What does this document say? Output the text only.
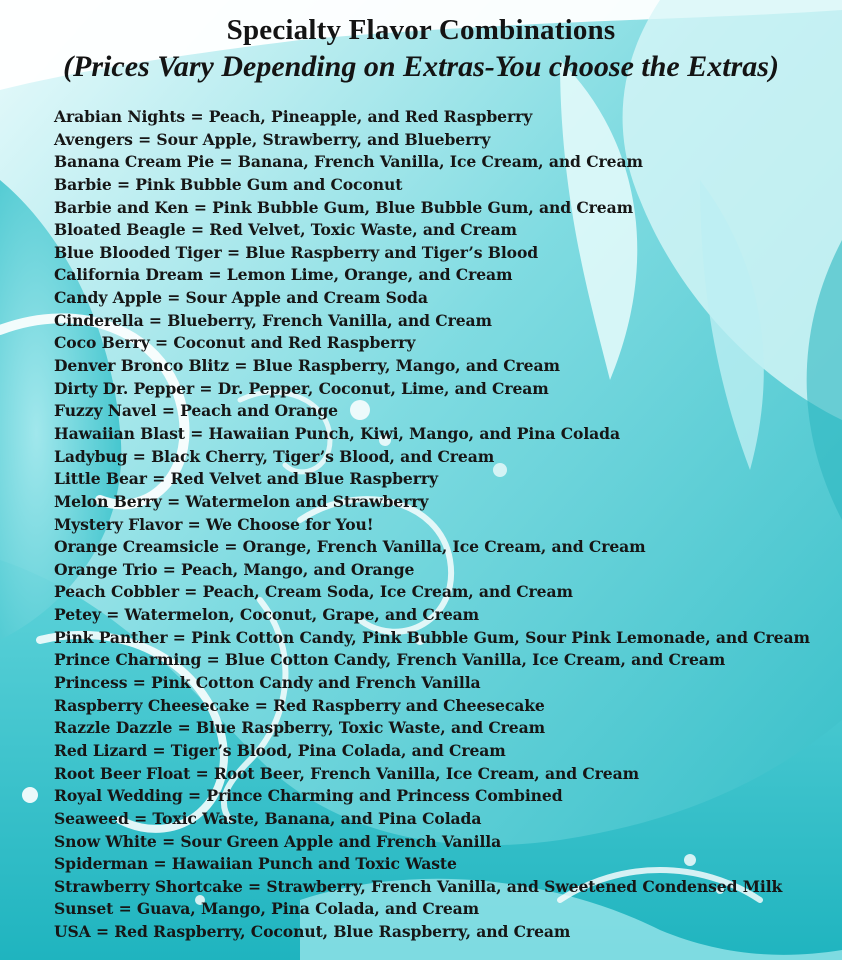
Specialty Flavor Combinations
(Prices Vary Depending on Extras-You choose the Extras)
Arabian Nights = Peach, Pineapple, and Red Raspberry
Avengers = Sour Apple, Strawberry, and Blueberry
Banana Cream Pie = Banana, French Vanilla, Ice Cream, and Cream
Barbie = Pink Bubble Gum and Coconut
Barbie and Ken = Pink Bubble Gum, Blue Bubble Gum, and Cream
Bloated Beagle = Red Velvet, Toxic Waste, and Cream
Blue Blooded Tiger = Blue Raspberry and Tiger’s Blood
California Dream = Lemon Lime, Orange, and Cream
Candy Apple = Sour Apple and Cream Soda
Cinderella = Blueberry, French Vanilla, and Cream
Coco Berry = Coconut and Red Raspberry
Denver Bronco Blitz = Blue Raspberry, Mango, and Cream
Dirty Dr. Pepper = Dr. Pepper, Coconut, Lime, and Cream
Fuzzy Navel = Peach and Orange
Hawaiian Blast = Hawaiian Punch, Kiwi, Mango, and Pina Colada
Ladybug = Black Cherry, Tiger’s Blood, and Cream
Little Bear = Red Velvet and Blue Raspberry
Melon Berry = Watermelon and Strawberry
Mystery Flavor = We Choose for You!
Orange Creamsicle = Orange, French Vanilla, Ice Cream, and Cream
Orange Trio = Peach, Mango, and Orange
Peach Cobbler = Peach, Cream Soda, Ice Cream, and Cream
Petey = Watermelon, Coconut, Grape, and Cream
Pink Panther = Pink Cotton Candy, Pink Bubble Gum, Sour Pink Lemonade, and Cream
Prince Charming = Blue Cotton Candy, French Vanilla, Ice Cream, and Cream
Princess = Pink Cotton Candy and French Vanilla
Raspberry Cheesecake = Red Raspberry and Cheesecake
Razzle Dazzle = Blue Raspberry, Toxic Waste, and Cream
Red Lizard = Tiger’s Blood, Pina Colada, and Cream
Root Beer Float = Root Beer, French Vanilla, Ice Cream, and Cream
Royal Wedding = Prince Charming and Princess Combined
Seaweed = Toxic Waste, Banana, and Pina Colada
Snow White = Sour Green Apple and French Vanilla
Spiderman = Hawaiian Punch and Toxic Waste
Strawberry Shortcake = Strawberry, French Vanilla, and Sweetened Condensed Milk
Sunset = Guava, Mango, Pina Colada, and Cream
USA = Red Raspberry, Coconut, Blue Raspberry, and Cream
